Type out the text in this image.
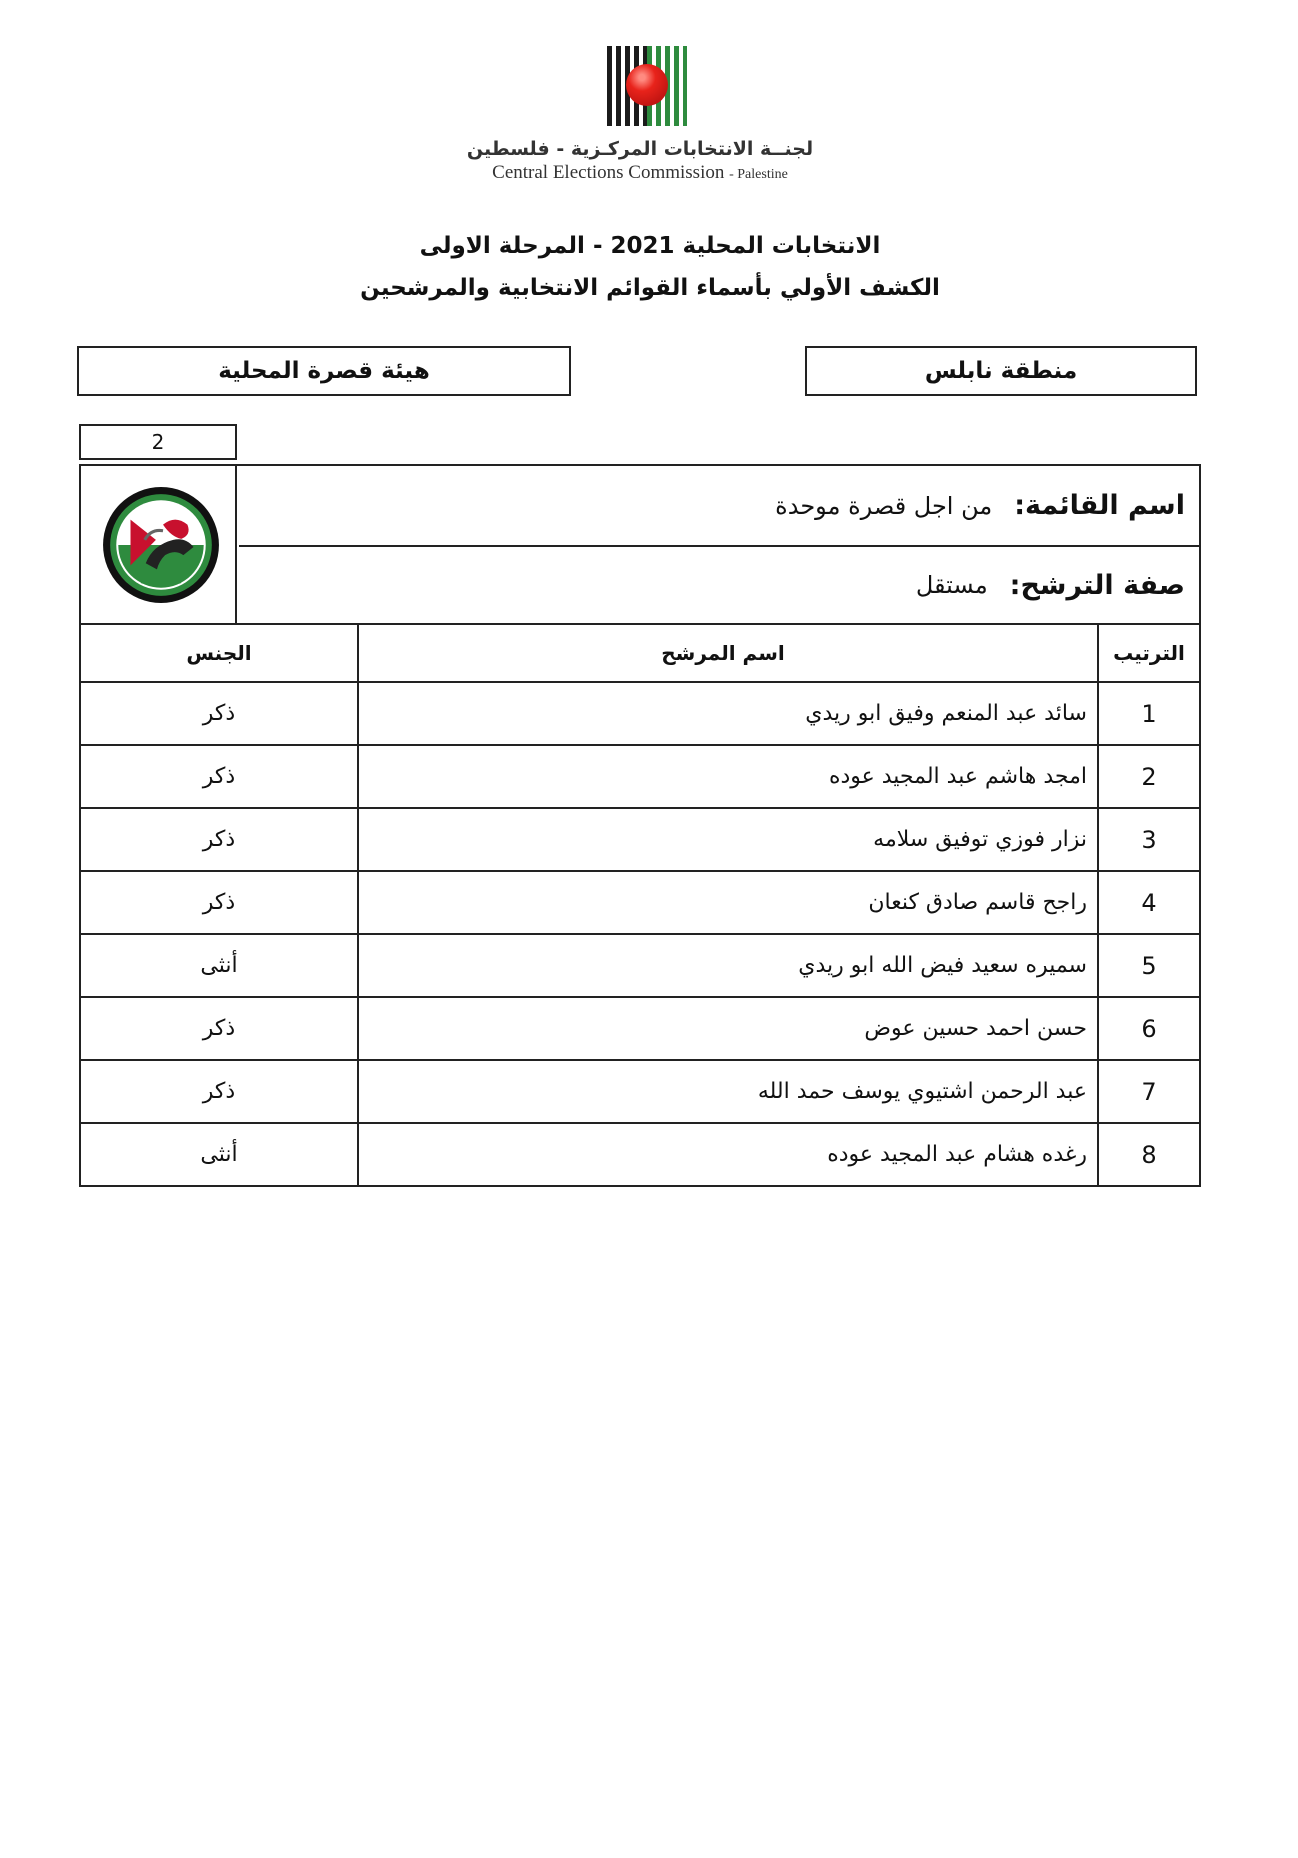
لجنــة الانتخابات المركـزية - فلسطين
Central Elections Commission - Palestine
الانتخابات المحلية 2021 - المرحلة الاولى
الكشف الأولي بأسماء القوائم الانتخابية والمرشحين
هيئة قصرة المحلية	منطقة نابلس
2
اسم القائمة:
من اجل قصرة موحدة
صفة الترشح:
مستقل
الترتيب	اسم المرشح	الجنس
1	سائد عبد المنعم وفيق ابو ريدي	ذكر
2	امجد هاشم عبد المجيد عوده	ذكر
3	نزار فوزي توفيق سلامه	ذكر
4	راجح قاسم صادق كنعان	ذكر
5	سميره سعيد فيض الله ابو ريدي	أنثى
6	حسن احمد حسين عوض	ذكر
7	عبد الرحمن اشتيوي يوسف حمد الله	ذكر
8	رغده هشام عبد المجيد عوده	أنثى
